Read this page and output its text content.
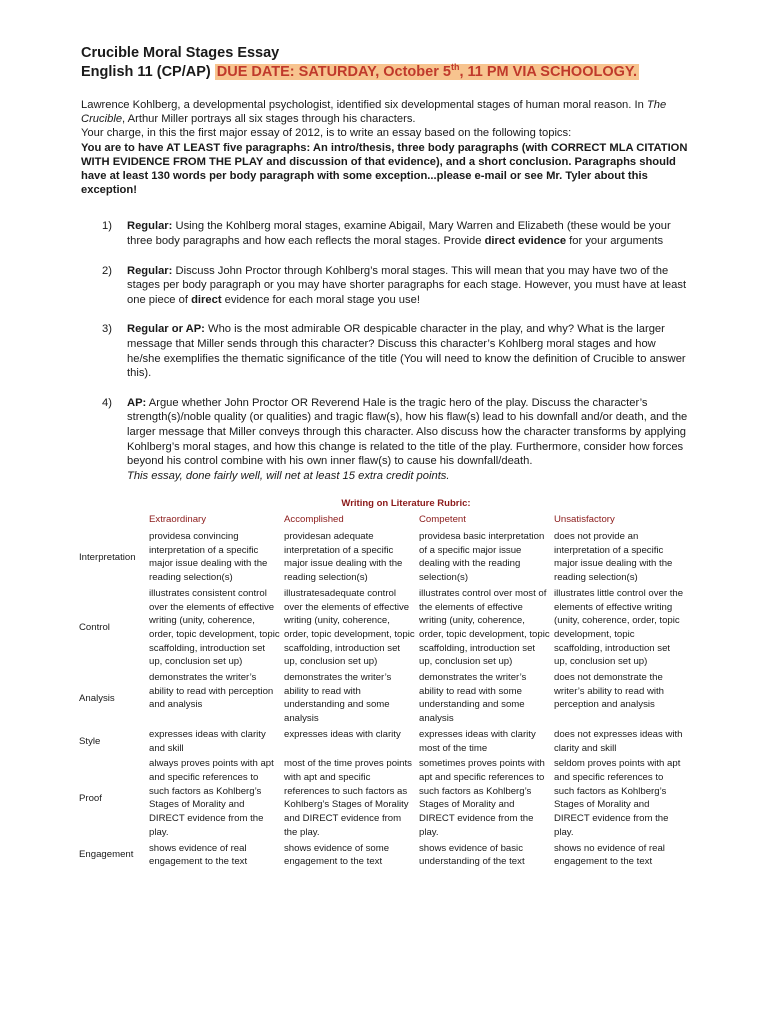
Crucible Moral Stages Essay
English 11 (CP/AP) DUE DATE: SATURDAY, October 5th, 11 PM VIA SCHOOLOGY.

Lawrence Kohlberg, a developmental psychologist, identified six developmental stages of human moral reason. In The Crucible, Arthur Miller portrays all six stages through his characters.

Your charge, in this the first major essay of 2012, is to write an essay based on the following topics:

You are to have AT LEAST five paragraphs: An intro/thesis, three body paragraphs (with CORRECT MLA CITATION WITH EVIDENCE FROM THE PLAY and discussion of that evidence), and a short conclusion. Paragraphs should have at least 130 words per body paragraph with some exception...please e-mail or see Mr. Tyler about this exception!

1)	Regular: Using the Kohlberg moral stages, examine Abigail, Mary Warren and Elizabeth (these would be your three body paragraphs and how each reflects the moral stages. Provide direct evidence for your arguments
2)	Regular: Discuss John Proctor through Kohlberg’s moral stages. This will mean that you may have two of the stages per body paragraph or you may have shorter paragraphs for each stage. However, you must have at least one piece of direct evidence for each moral stage you use!
3)	Regular or AP: Who is the most admirable OR despicable character in the play, and why? What is the larger message that Miller sends through this character? Discuss this character’s Kohlberg moral stages and how he/she exemplifies the thematic significance of the title (You will need to know the definition of Crucible to answer this).
4)	AP: Argue whether John Proctor OR Reverend Hale is the tragic hero of the play. Discuss the character’s strength(s)/noble quality (or qualities) and tragic flaw(s), how his flaw(s) lead to his downfall and/or death, and the larger message that Miller conveys through this character. Also discuss how the character transforms by applying Kohlberg’s moral stages, and how this change is related to the title of the play. Furthermore, consider how forces beyond his control combine with his own inner flaw(s) to cause his downfall/death.
This essay, done fairly well, will net at least 15 extra credit points.
Writing on Literature Rubric:
	Extraordinary	Accomplished	Competent	Unsatisfactory
Interpretation	providesa convincing interpretation of a specific major issue dealing with the reading selection(s)	providesan adequate interpretation of a specific major issue dealing with the reading selection(s)	providesa basic interpretation of a specific major issue dealing with the reading selection(s)	does not provide an interpretation of a specific major issue dealing with the reading selection(s)
Control	illustrates consistent control over the elements of effective writing (unity, coherence, order, topic development, topic scaffolding, introduction set up, conclusion set up)	illustratesadequate control over the elements of effective writing (unity, coherence, order, topic development, topic scaffolding, introduction set up, conclusion set up)	illustrates control over most of the elements of effective writing (unity, coherence, order, topic development, topic scaffolding, introduction set up, conclusion set up)	illustrates little control over the elements of effective writing (unity, coherence, order, topic development, topic scaffolding, introduction set up, conclusion set up)
Analysis	demonstrates the writer’s ability to read with perception and analysis	demonstrates the writer’s ability to read with understanding and some analysis	demonstrates the writer’s ability to read with some understanding and some analysis	does not demonstrate the writer’s ability to read with perception and analysis
Style	expresses ideas with clarity and skill	expresses ideas with clarity	expresses ideas with clarity most of the time	does not expresses ideas with clarity and skill
Proof	always proves points with apt and specific references to such factors as Kohlberg’s Stages of Morality and DIRECT evidence from the play.	most of the time proves points with apt and specific references to such factors as Kohlberg’s Stages of Morality and DIRECT evidence from the play.	sometimes proves points with apt and specific references to such factors as Kohlberg’s Stages of Morality and DIRECT evidence from the play.	seldom proves points with apt and specific references to such factors as Kohlberg’s Stages of Morality and DIRECT evidence from the play.
Engagement	shows evidence of real engagement to the text	shows evidence of some engagement to the text	shows evidence of basic understanding of the text	shows no evidence of real engagement to the text
